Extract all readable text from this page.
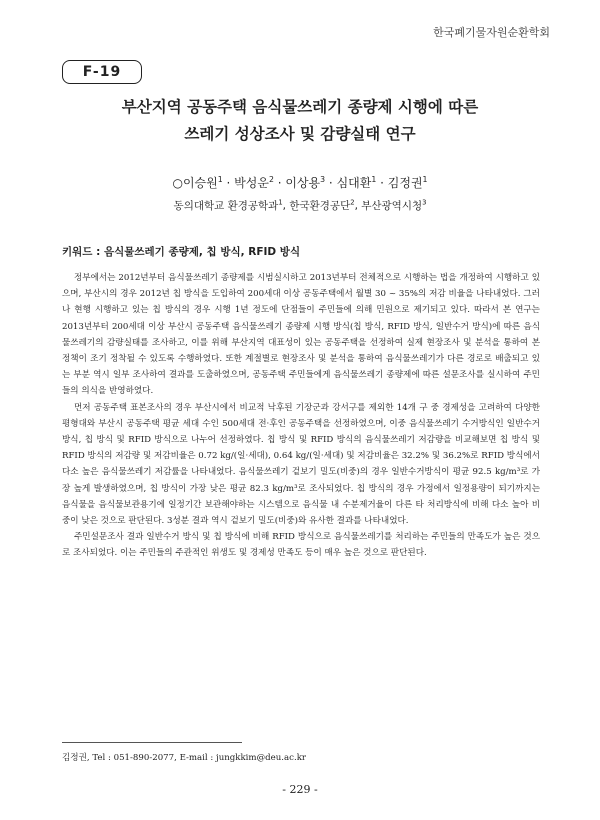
한국폐기물자원순환학회
F-19
부산지역 공동주택 음식물쓰레기 종량제 시행에 따른
쓰레기 성상조사 및 감량실태 연구
○이승원$^1$ · 박성운$^2$ · 이상용$^3$ · 심대환$^1$ · 김정권$^1$
동의대학교 환경공학과$^1$, 한국환경공단$^2$, 부산광역시청$^3$
키워드 : 음식물쓰레기 종량제, 칩 방식, RFID 방식

정부에서는 2012년부터 음식물쓰레기 종량제를 시범실시하고 2013년부터 전체적으로 시행하는 법을 개정하여 시행하고 있으며, 부산시의 경우 2012년 칩 방식을 도입하여 200세대 이상 공동주택에서 월별 30 ~ 35%의 저감 비율을 나타내었다. 그러나 현행 시행하고 있는 칩 방식의 경우 시행 1년 정도에 단점들이 주민들에 의해 민원으로 제기되고 있다. 따라서 본 연구는 2013년부터 200세대 이상 부산시 공동주택 음식물쓰레기 종량제 시행 방식(칩 방식, RFID 방식, 일반수거 방식)에 따른 음식물쓰레기의 감량실태를 조사하고, 이를 위해 부산지역 대표성이 있는 공동주택을 선정하여 실제 현장조사 및 분석을 통하여 본 정책이 조기 정착될 수 있도록 수행하였다. 또한 계절별로 현장조사 및 분석을 통하여 음식물쓰레기가 다른 경로로 배출되고 있는 부분 역시 일부 조사하여 결과를 도출하였으며, 공동주택 주민들에게 음식물쓰레기 종량제에 따른 설문조사를 실시하여 주민들의 의식을 반영하였다.

먼저 공동주택 표본조사의 경우 부산시에서 비교적 낙후된 기장군과 강서구를 제외한 14개 구 중 경제성을 고려하여 다양한 평형대와 부산시 공동주택 평균 세대 수인 500세대 전·후인 공동주택을 선정하였으며, 이중 음식물쓰레기 수거방식인 일반수거방식, 칩 방식 및 RFID 방식으로 나누어 선정하였다. 칩 방식 및 RFID 방식의 음식물쓰레기 저감량을 비교해보면 칩 방식 및 RFID 방식의 저감량 및 저감비율은 0.72 kg/(일·세대), 0.64 kg/(일·세대) 및 저감비율은 32.2% 및 36.2%로 RFID 방식에서 다소 높은 음식물쓰레기 저감률을 나타내었다. 음식물쓰레기 겉보기 밀도(비중)의 경우 일반수거방식이 평균 92.5 kg/m³로 가장 높게 발생하였으며, 칩 방식이 가장 낮은 평균 82.3 kg/m³로 조사되었다. 칩 방식의 경우 가정에서 일정용량이 되기까지는 음식물을 음식물보관용기에 일정기간 보관해야하는 시스템으로 음식물 내 수분제거율이 다른 타 처리방식에 비해 다소 높아 비중이 낮은 것으로 판단된다. 3성분 결과 역시 겉보기 밀도(비중)와 유사한 결과를 나타내었다.

주민설문조사 결과 일반수거 방식 및 칩 방식에 비해 RFID 방식으로 음식물쓰레기를 처리하는 주민들의 만족도가 높은 것으로 조사되었다. 이는 주민들의 주관적인 위생도 및 경제성 만족도 등이 매우 높은 것으로 판단된다.

김정권, Tel : 051-890-2077, E-mail : jungkkim@deu.ac.kr
- 229 -
